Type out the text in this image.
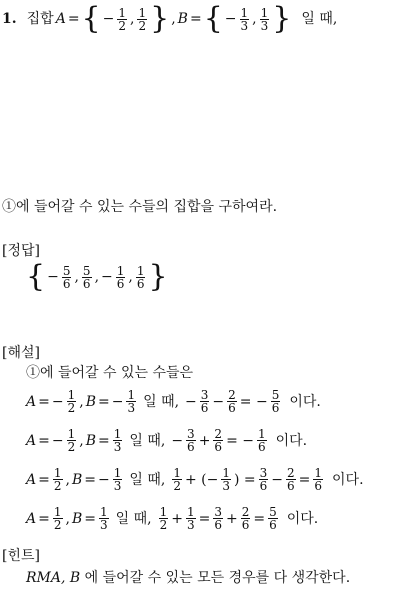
1. 집합 A = { − $\frac{1}{2}$ , $\frac{1}{2}$ } , B = { − $\frac{1}{3}$ , $\frac{1}{3}$ } 일 때,
①에 들어갈 수 있는 수들의 집합을 구하여라.
[정답]
{ − $\frac{5}{6}$ , $\frac{5}{6}$ , − $\frac{1}{6}$ , $\frac{1}{6}$ }
[해설]
①에 들어갈 수 있는 수들은
A = − $\frac{1}{2}$ , B = − $\frac{1}{3}$ 일 때, − $\frac{3}{6} - \frac{2}{6}$ = − $\frac{5}{6}$ 이다.
A = − $\frac{1}{2}$ , $B = \frac{1}{3}$ 일 때, − $\frac{3}{6} + \frac{2}{6}$ = − $\frac{1}{6}$ 이다.
$A = \frac{1}{2}$ , B = − $\frac{1}{3}$ 일 때, $\frac{1}{2}$ + (− $\frac{1}{3}$ ) = $\frac{3}{6} - \frac{2}{6} = \frac{1}{6}$ 이다.
$A = \frac{1}{2}$ , $B = \frac{1}{3}$ 일 때, $\frac{1}{2} + \frac{1}{3} = \frac{3}{6} + \frac{2}{6} = \frac{5}{6}$ 이다.
[힌트]
RMA, B 에 들어갈 수 있는 모든 경우를 다 생각한다.
